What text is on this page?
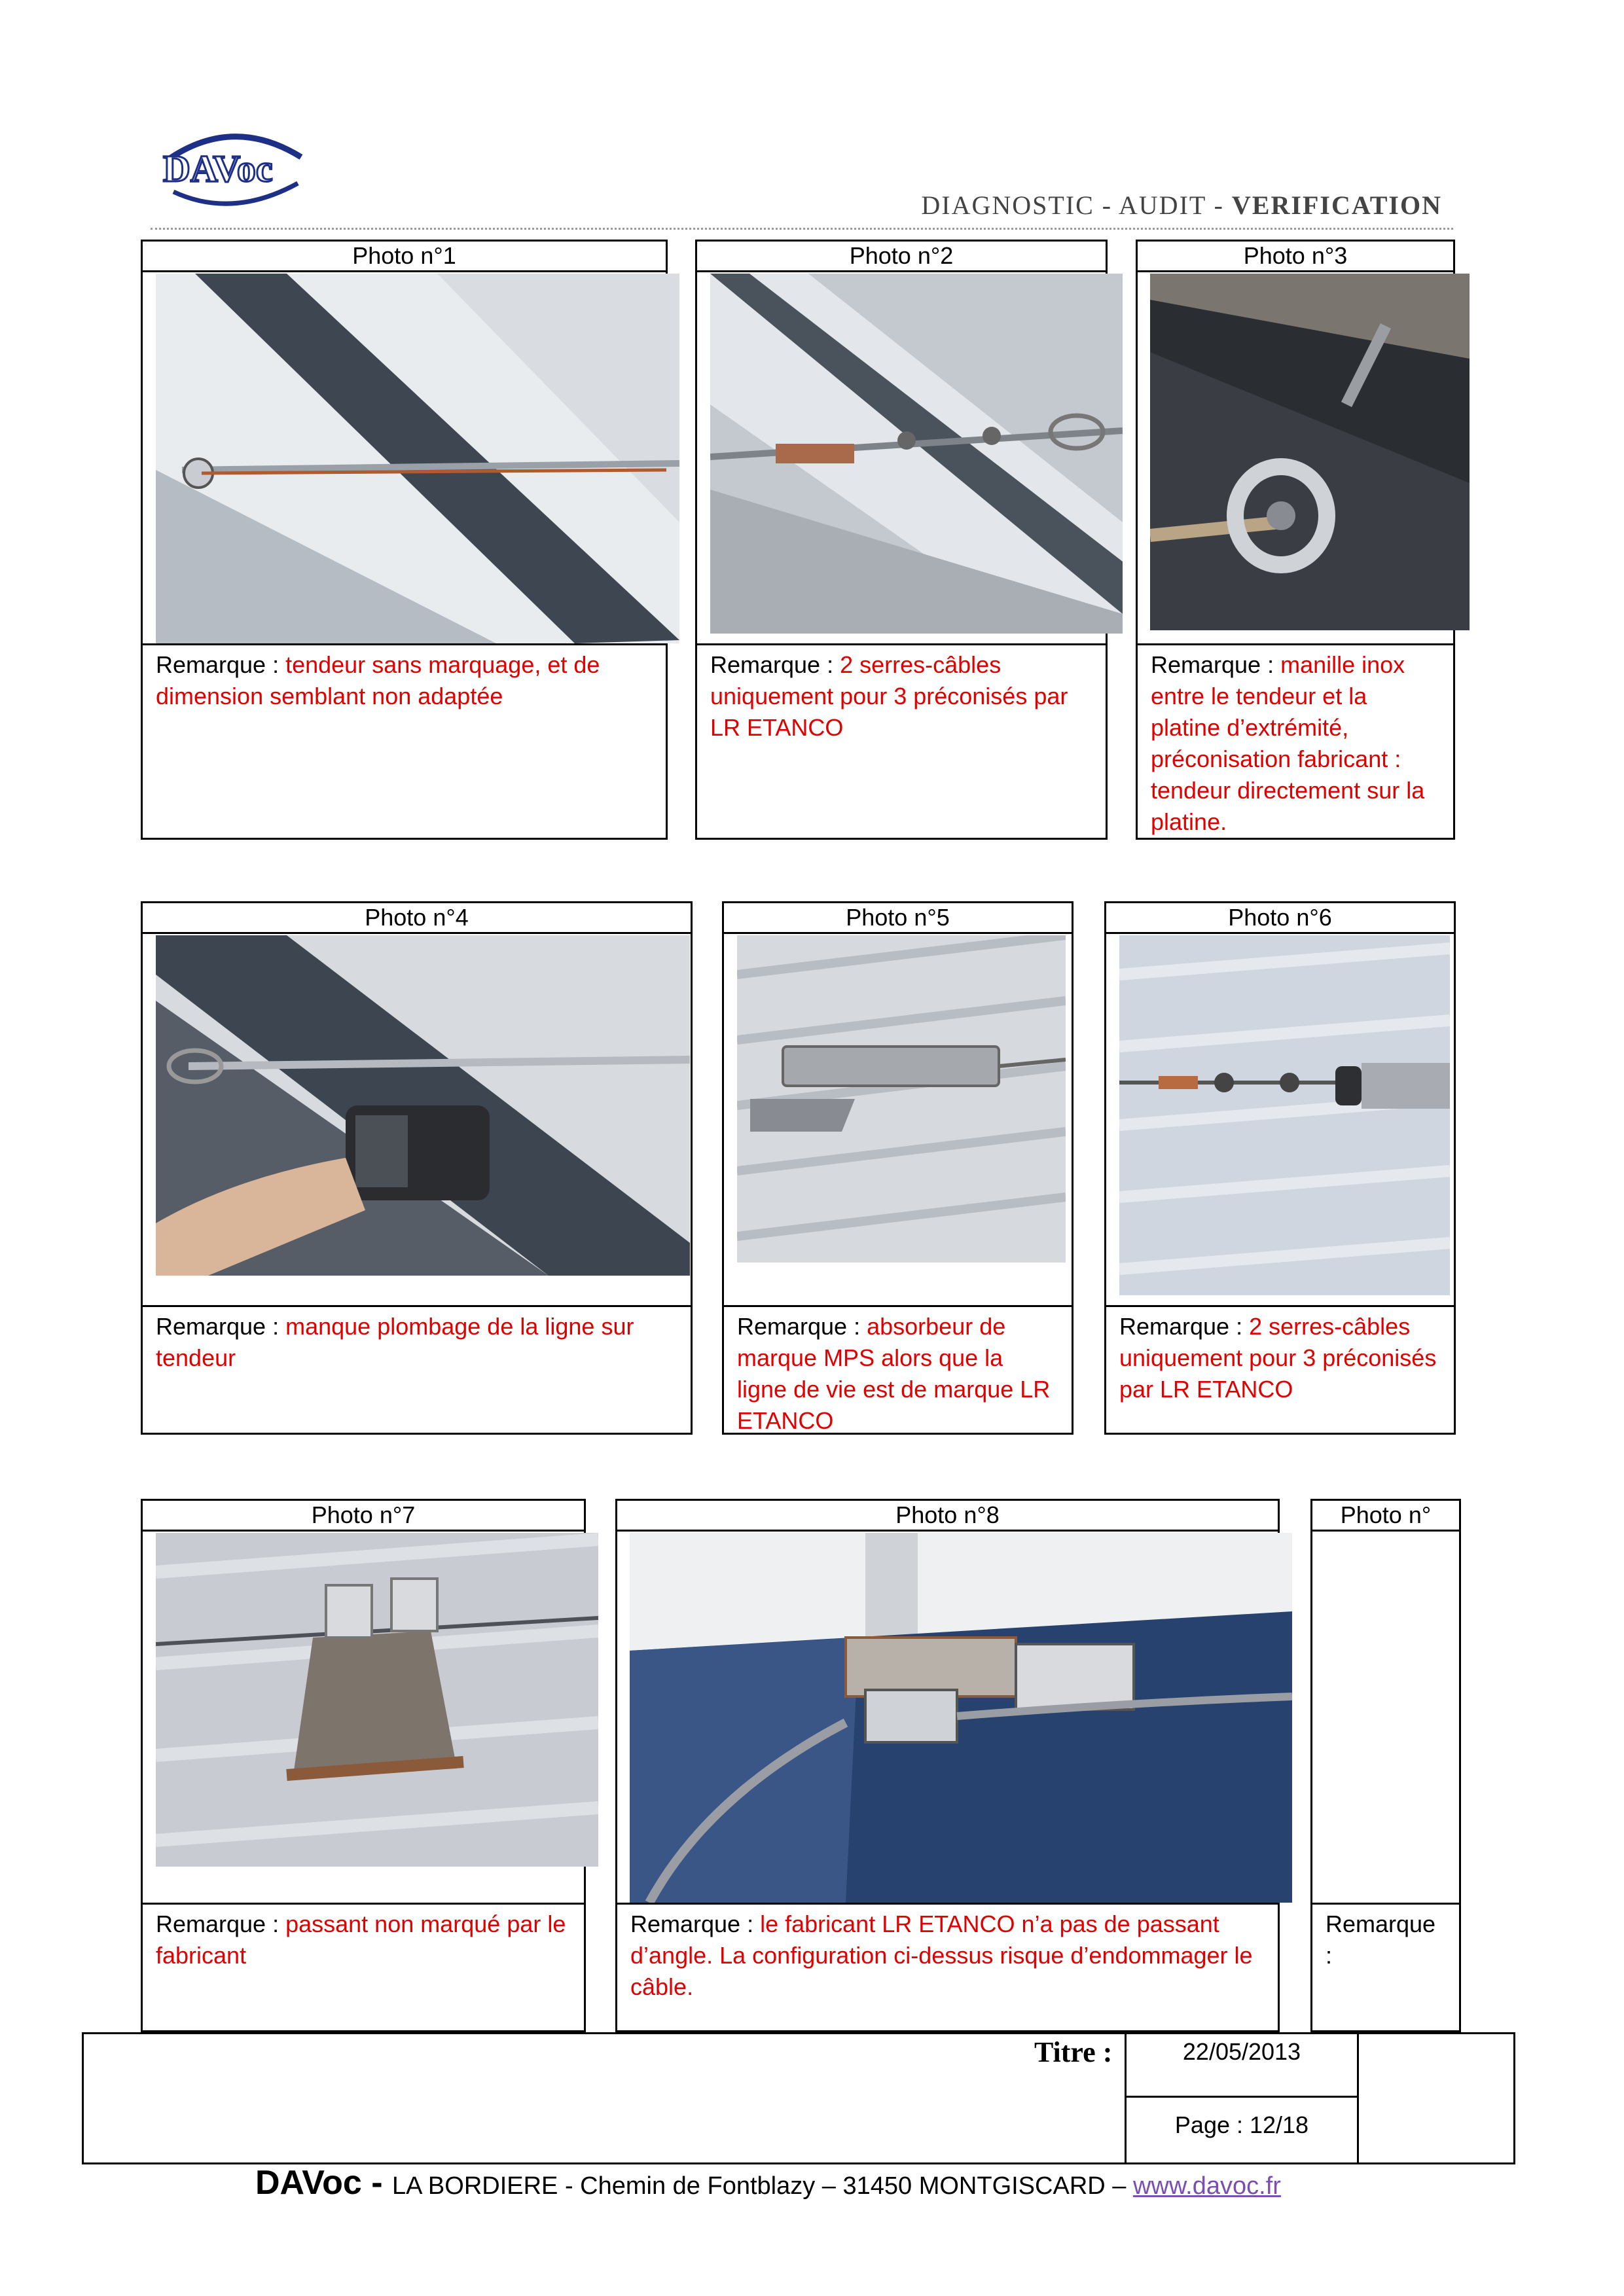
DAVoc
DIAGNOSTIC - AUDIT - VERIFICATION
Photo n°1
Remarque : tendeur sans marquage, et de dimension semblant non adaptée
Photo n°2
Remarque : 2 serres-câbles uniquement pour 3 préconisés par LR ETANCO
Photo n°3
Remarque : manille inox entre le tendeur et la platine d’extrémité, préconisation fabricant : tendeur directement sur la platine.
Photo n°4
Remarque : manque plombage de la ligne sur tendeur
Photo n°5
Remarque : absorbeur de marque MPS alors que la ligne de vie est de marque LR ETANCO
Photo n°6
Remarque : 2 serres-câbles uniquement pour 3 préconisés par LR ETANCO
Photo n°7
Remarque : passant non marqué par le fabricant
Photo n°8
Remarque : le fabricant LR ETANCO n’a pas de passant d’angle. La configuration ci-dessus risque d’endommager le câble.
Photo n°
Remarque :
Titre :	22/05/2013
Page : 12/18
DAVoc - LA BORDIERE - Chemin de Fontblazy – 31450 MONTGISCARD – www.davoc.fr
